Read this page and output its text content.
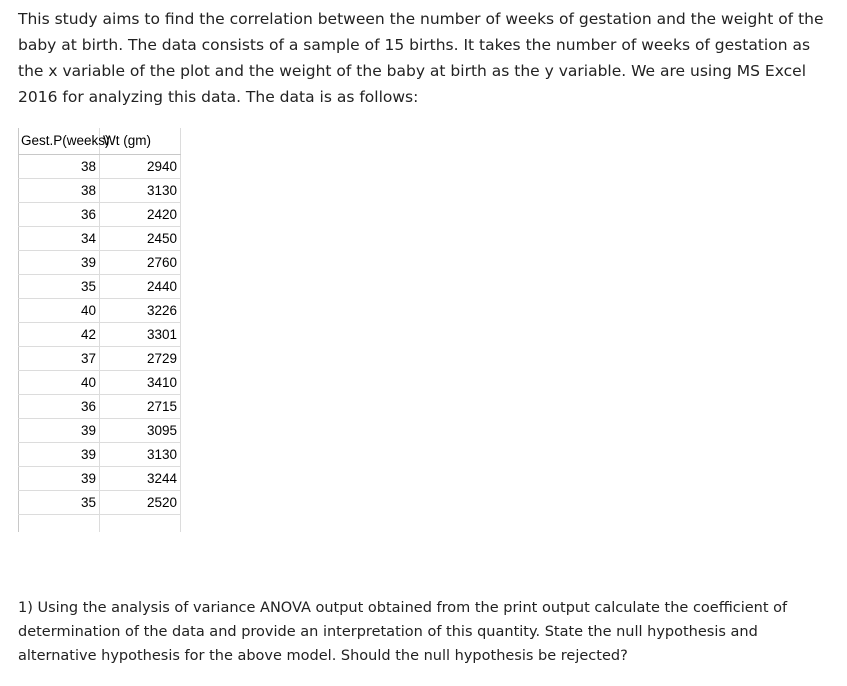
This study aims to find the correlation between the number of weeks of gestation and the weight of the baby at birth. The data consists of a sample of 15 births. It takes the number of weeks of gestation as the x variable of the plot and the weight of the baby at birth as the y variable. We are using MS Excel 2016 for analyzing this data. The data is as follows:

Gest.P(weeks)	Wt (gm)
38	2940
38	3130
36	2420
34	2450
39	2760
35	2440
40	3226
42	3301
37	2729
40	3410
36	2715
39	3095
39	3130
39	3244
35	2520

1) Using the analysis of variance ANOVA output obtained from the print output calculate the coefficient of determination of the data and provide an interpretation of this quantity. State the null hypothesis and alternative hypothesis for the above model. Should the null hypothesis be rejected?
